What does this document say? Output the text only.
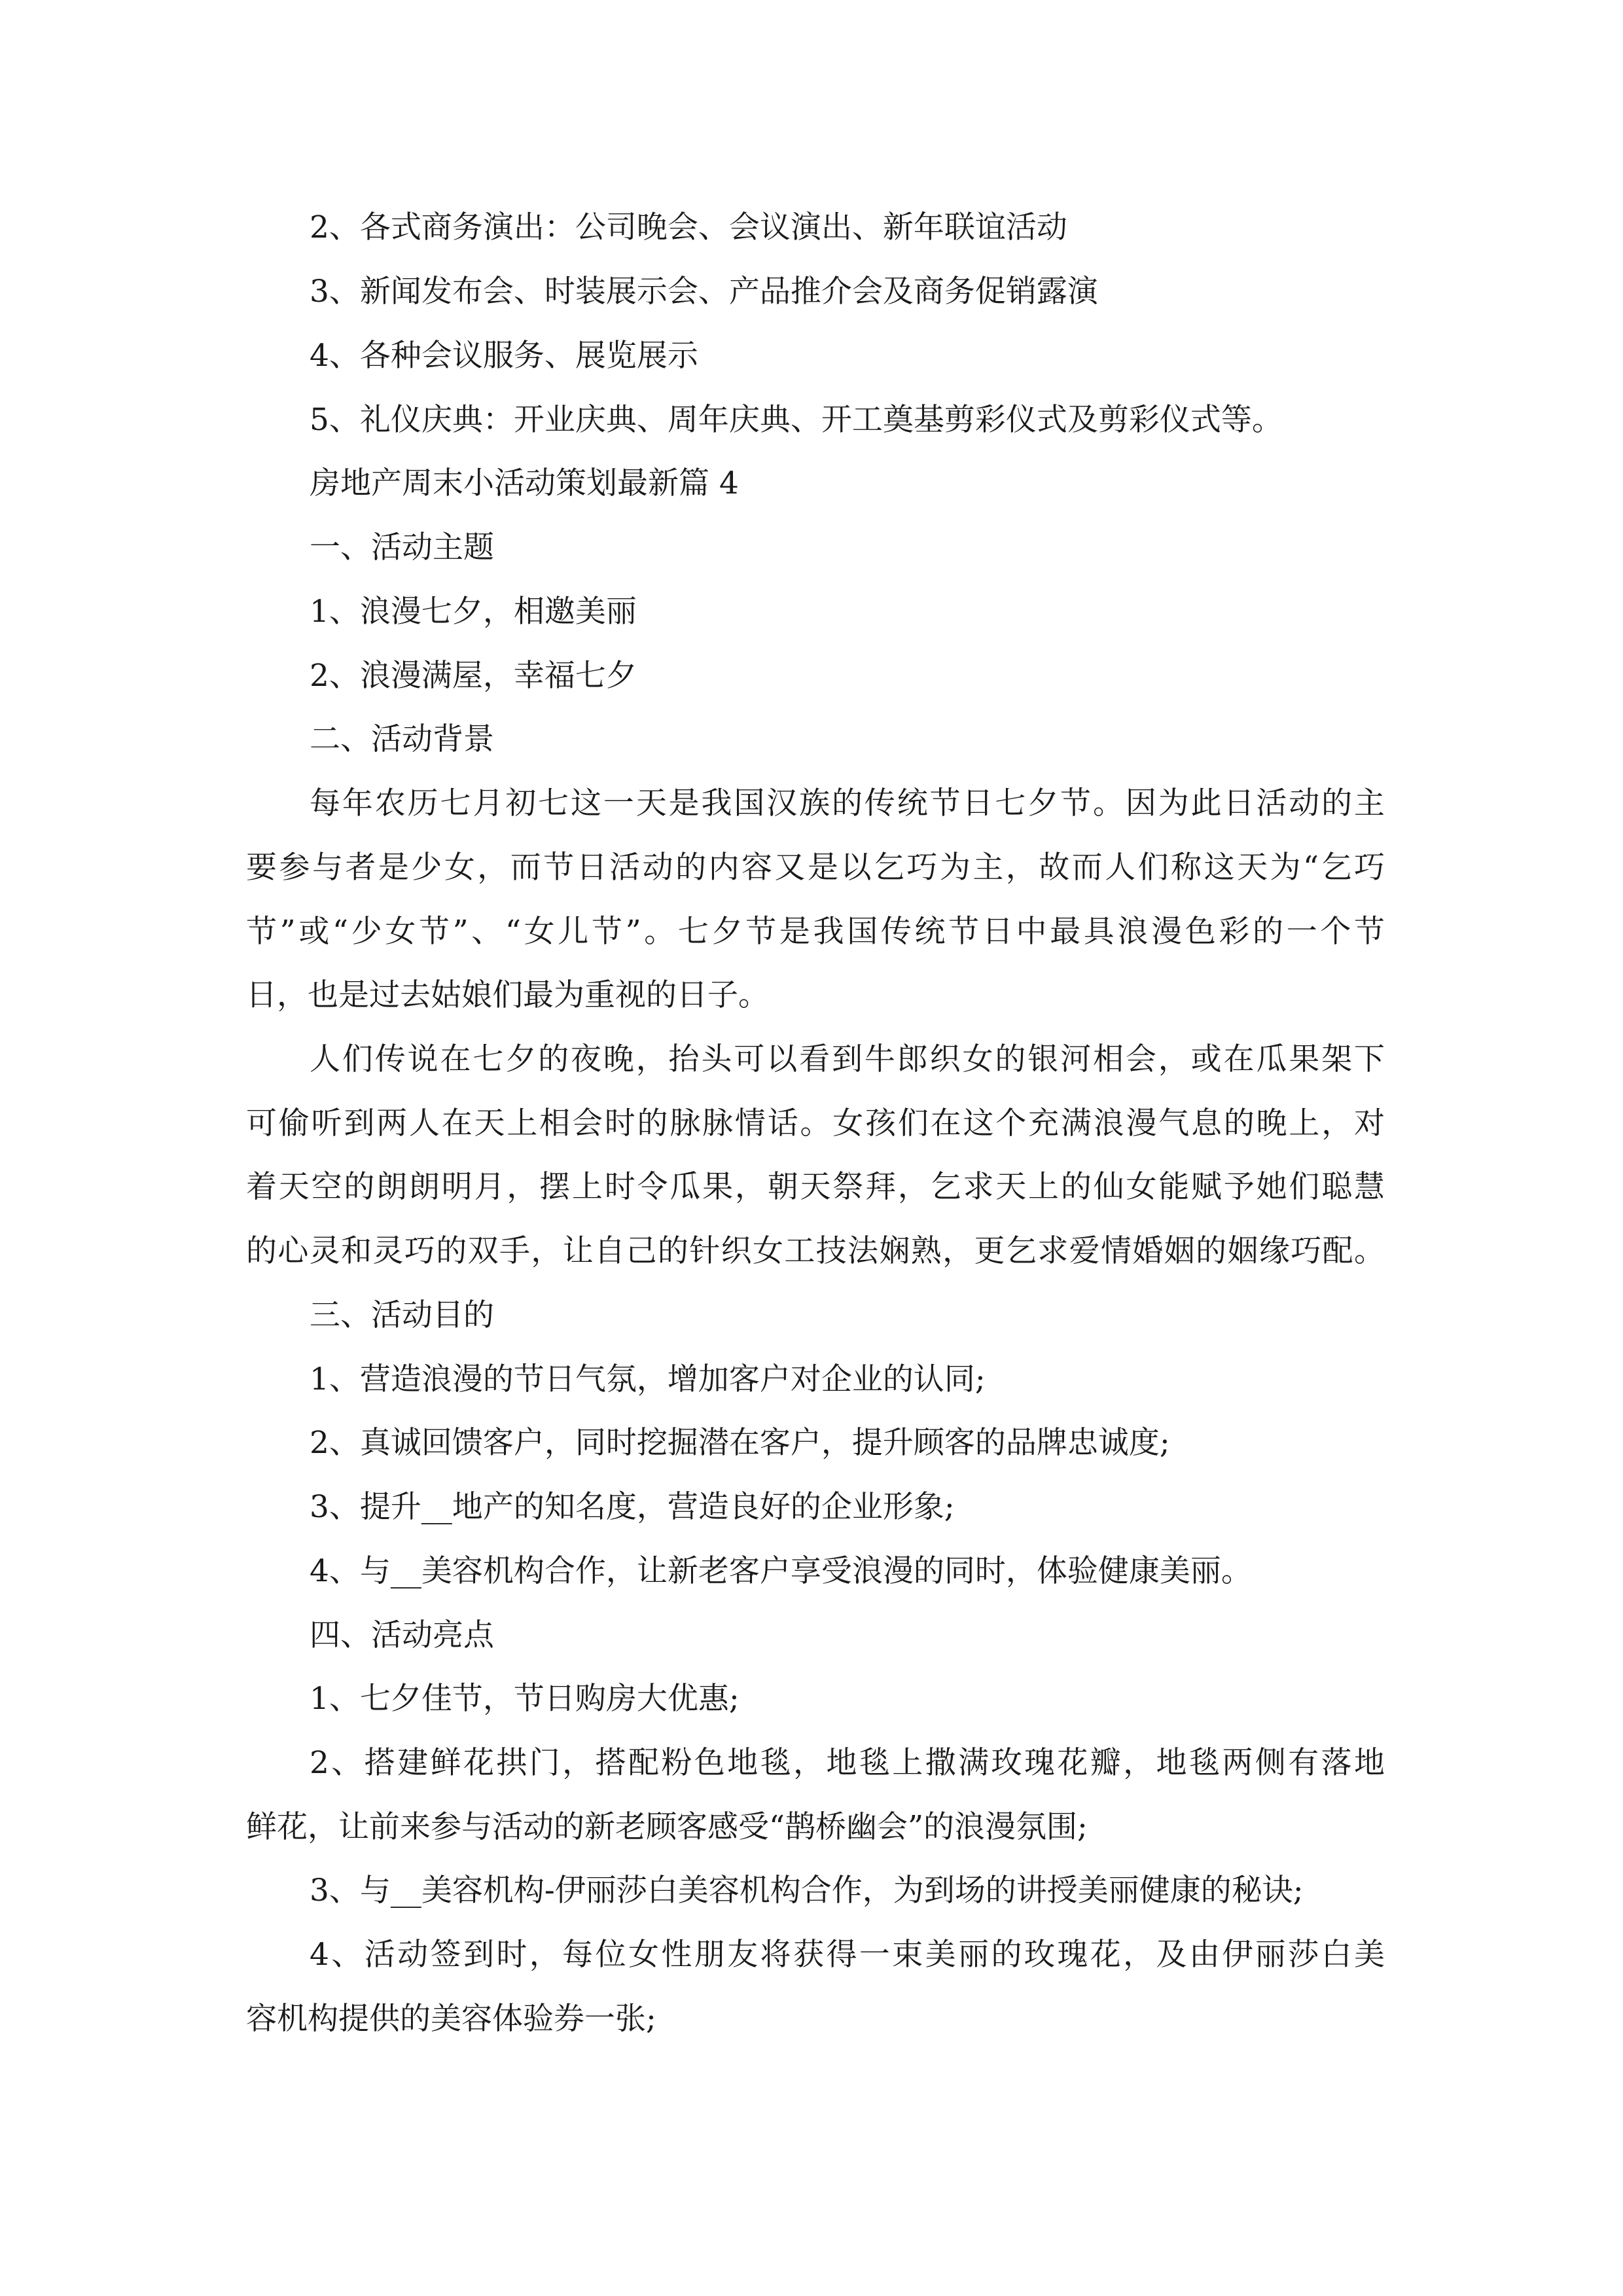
2、各式商务演出：公司晚会、会议演出、新年联谊活动
3、新闻发布会、时装展示会、产品推介会及商务促销露演
4、各种会议服务、展览展示
5、礼仪庆典：开业庆典、周年庆典、开工奠基剪彩仪式及剪彩仪式等。
房地产周末小活动策划最新篇 4
一、活动主题
1、浪漫七夕，相邀美丽
2、浪漫满屋，幸福七夕
二、活动背景
每年农历七月初七这一天是我国汉族的传统节日七夕节。因为此日活动的主
要参与者是少女，而节日活动的内容又是以乞巧为主，故而人们称这天为“乞巧
节”或“少女节”、“女儿节”。七夕节是我国传统节日中最具浪漫色彩的一个节
日，也是过去姑娘们最为重视的日子。
人们传说在七夕的夜晚，抬头可以看到牛郎织女的银河相会，或在瓜果架下
可偷听到两人在天上相会时的脉脉情话。女孩们在这个充满浪漫气息的晚上，对
着天空的朗朗明月，摆上时令瓜果，朝天祭拜，乞求天上的仙女能赋予她们聪慧
的心灵和灵巧的双手，让自己的针织女工技法娴熟，更乞求爱情婚姻的姻缘巧配。
三、活动目的
1、营造浪漫的节日气氛，增加客户对企业的认同;
2、真诚回馈客户，同时挖掘潜在客户，提升顾客的品牌忠诚度;
3、提升__地产的知名度，营造良好的企业形象;
4、与__美容机构合作，让新老客户享受浪漫的同时，体验健康美丽。
四、活动亮点
1、七夕佳节，节日购房大优惠;
2、搭建鲜花拱门，搭配粉色地毯，地毯上撒满玫瑰花瓣，地毯两侧有落地
鲜花，让前来参与活动的新老顾客感受“鹊桥幽会”的浪漫氛围;
3、与__美容机构-伊丽莎白美容机构合作，为到场的讲授美丽健康的秘诀;
4、活动签到时，每位女性朋友将获得一束美丽的玫瑰花，及由伊丽莎白美
容机构提供的美容体验券一张;
